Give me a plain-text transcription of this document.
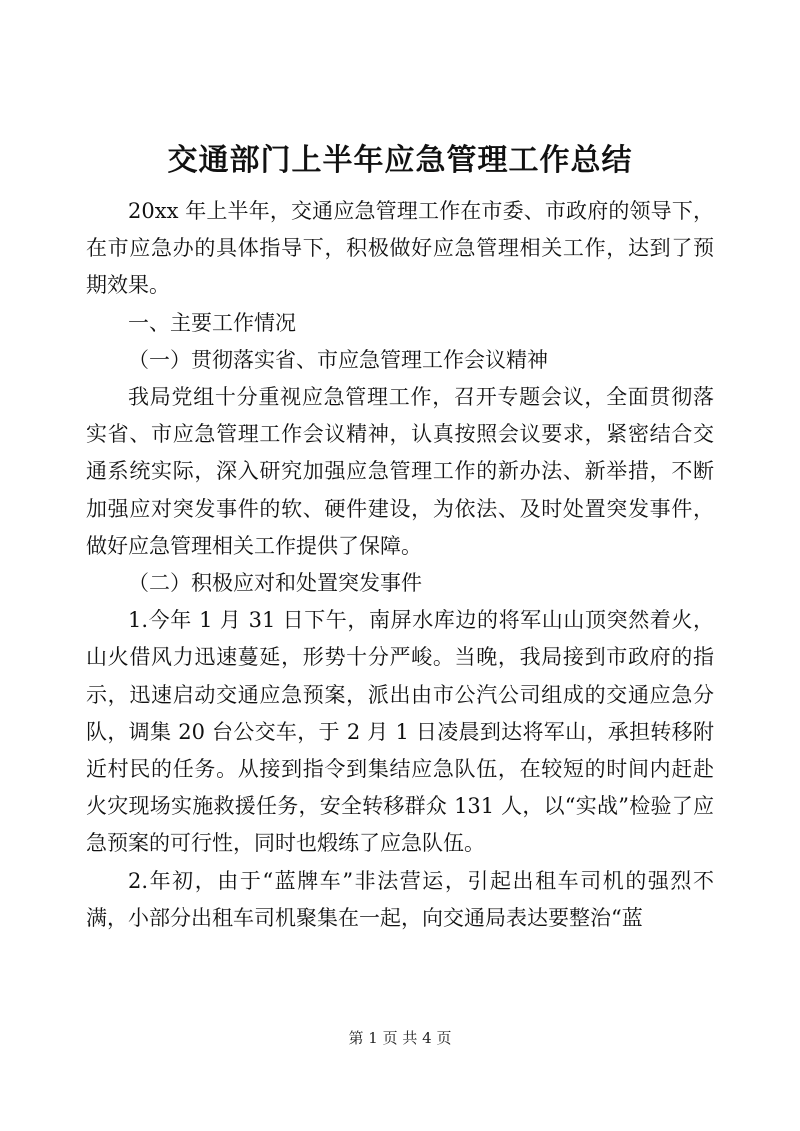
交通部门上半年应急管理工作总结

20xx 年上半年，交通应急管理工作在市委、市政府的领导下，在市应急办的具体指导下，积极做好应急管理相关工作，达到了预期效果。

一、主要工作情况

（一）贯彻落实省、市应急管理工作会议精神

我局党组十分重视应急管理工作，召开专题会议，全面贯彻落实省、市应急管理工作会议精神，认真按照会议要求，紧密结合交通系统实际，深入研究加强应急管理工作的新办法、新举措，不断加强应对突发事件的软、硬件建设，为依法、及时处置突发事件，做好应急管理相关工作提供了保障。

（二）积极应对和处置突发事件

1.今年 1 月 31 日下午，南屏水库边的将军山山顶突然着火，山火借风力迅速蔓延，形势十分严峻。当晚，我局接到市政府的指示，迅速启动交通应急预案，派出由市公汽公司组成的交通应急分队，调集 20 台公交车，于 2 月 1 日凌晨到达将军山，承担转移附近村民的任务。从接到指令到集结应急队伍，在较短的时间内赶赴火灾现场实施救援任务，安全转移群众 131 人，以“实战”检验了应急预案的可行性，同时也煅练了应急队伍。

2.年初，由于“蓝牌车”非法营运，引起出租车司机的强烈不满，小部分出租车司机聚集在一起，向交通局表达要整治“蓝

第 1 页 共 4 页
